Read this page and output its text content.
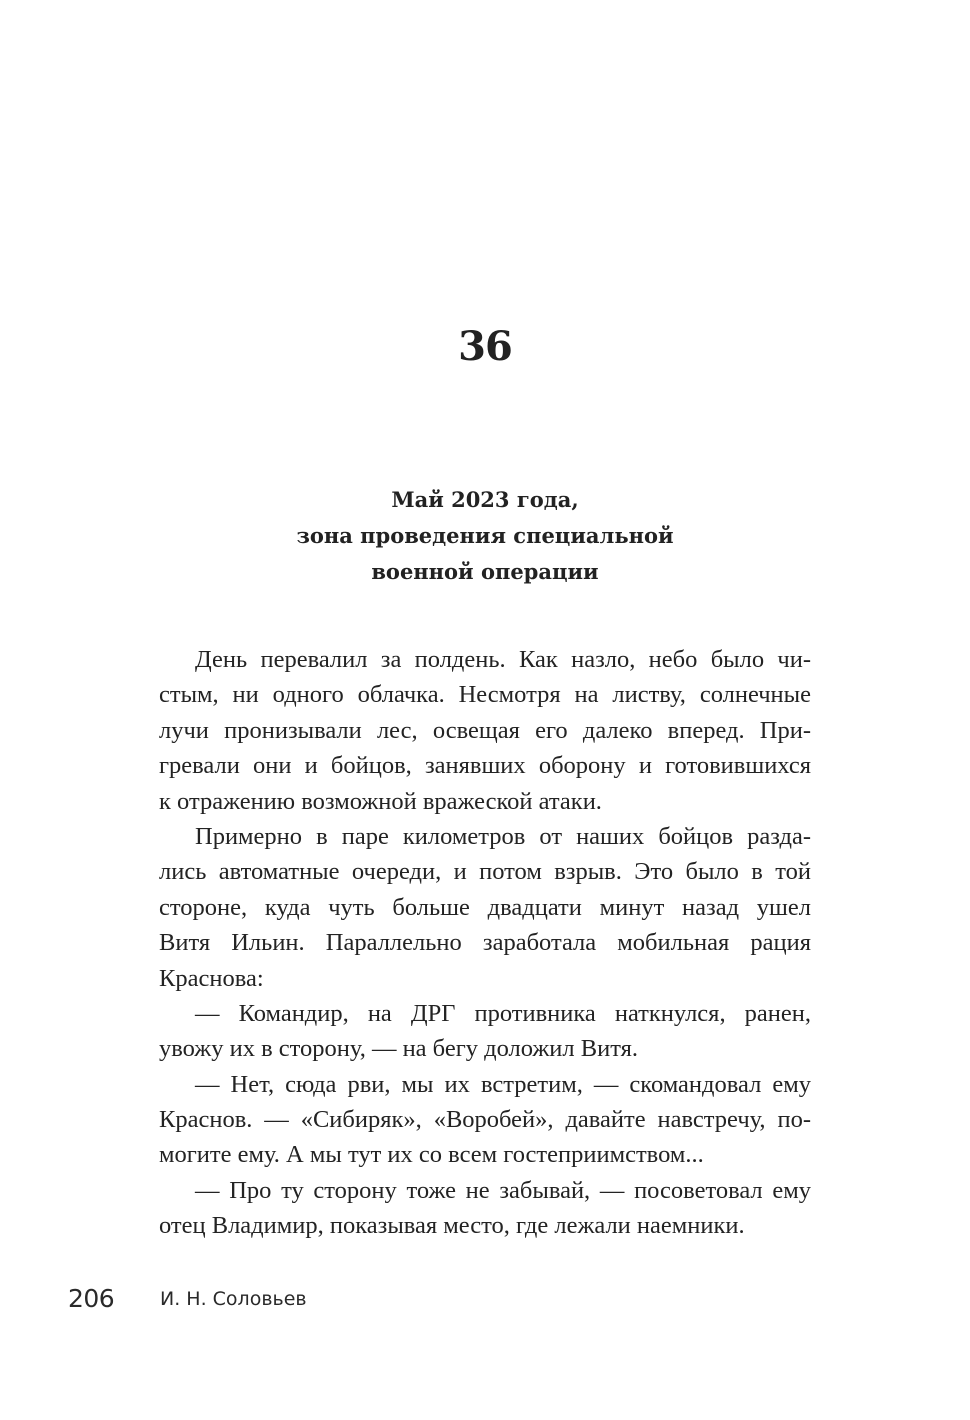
36
Май 2023 года,
зона проведения специальной
военной операции
День перевалил за полдень. Как назло, небо было чи-
стым, ни одного облачка. Несмотря на листву, солнечные
лучи пронизывали лес, освещая его далеко вперед. При-
гревали они и бойцов, занявших оборону и готовившихся
к отражению возможной вражеской атаки.
Примерно в паре километров от наших бойцов разда-
лись автоматные очереди, и потом взрыв. Это было в той
стороне, куда чуть больше двадцати минут назад ушел
Витя Ильин. Параллельно заработала мобильная рация
Краснова:
— Командир, на ДРГ противника наткнулся, ранен,
увожу их в сторону, — на бегу доложил Витя.
— Нет, сюда рви, мы их встретим, — скомандовал ему
Краснов. — «Сибиряк», «Воробей», давайте навстречу, по-
могите ему. А мы тут их со всем гостеприимством...
— Про ту сторону тоже не забывай, — посоветовал ему
отец Владимир, показывая место, где лежали наемники.
206 И. Н. Соловьев
